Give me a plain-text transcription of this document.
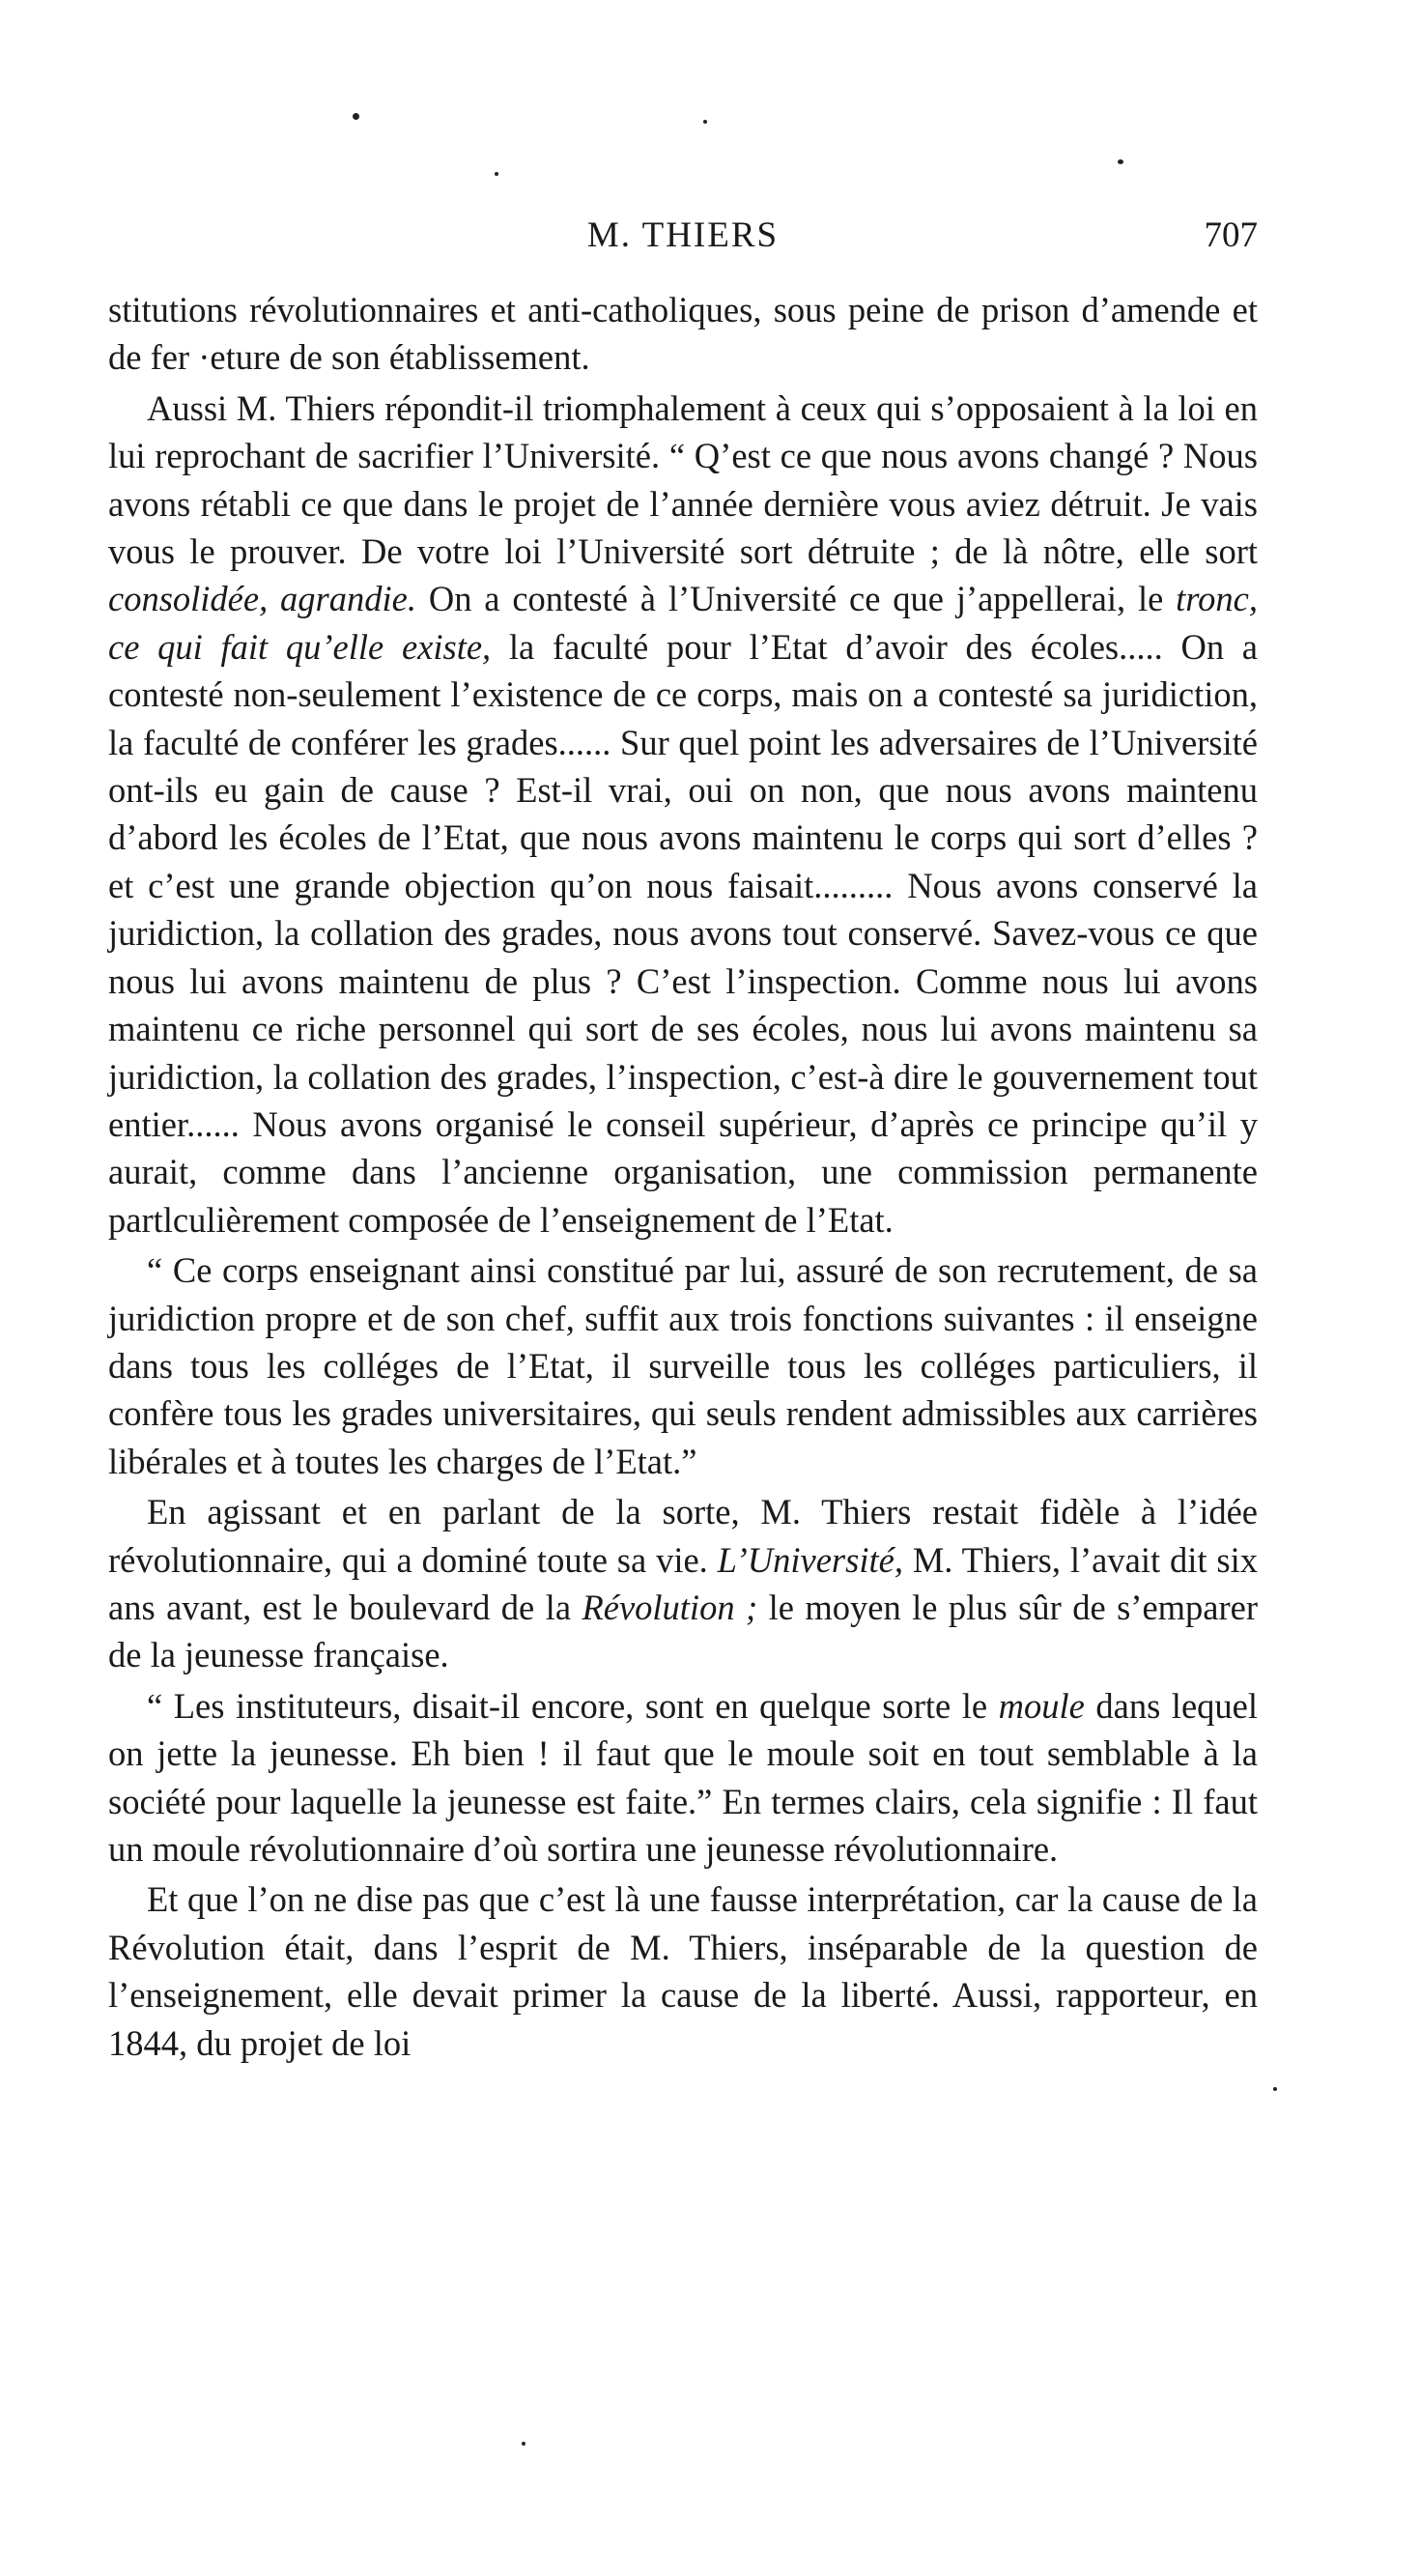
M. THIERS	707

stitutions révolutionnaires et anti-catholiques, sous peine de prison d’amende et de fer ·eture de son établissement.

Aussi M. Thiers répondit-il triomphalement à ceux qui s’opposaient à la loi en lui reprochant de sacrifier l’Université. “ Q’est ce que nous avons changé ? Nous avons rétabli ce que dans le projet de l’année dernière vous aviez détruit. Je vais vous le prouver. De votre loi l’Université sort détruite ; de là nôtre, elle sort consolidée, agrandie. On a contesté à l’Université ce que j’appellerai, le tronc, ce qui fait qu’elle existe, la faculté pour l’Etat d’avoir des écoles..... On a contesté non-seulement l’existence de ce corps, mais on a contesté sa juridiction, la faculté de conférer les grades...... Sur quel point les adversaires de l’Université ont-ils eu gain de cause ? Est-il vrai, oui on non, que nous avons maintenu d’abord les écoles de l’Etat, que nous avons maintenu le corps qui sort d’elles ? et c’est une grande objection qu’on nous faisait......... Nous avons conservé la juridiction, la collation des grades, nous avons tout conservé. Savez-vous ce que nous lui avons maintenu de plus ? C’est l’inspection. Comme nous lui avons maintenu ce riche personnel qui sort de ses écoles, nous lui avons maintenu sa juridiction, la collation des grades, l’inspection, c’est-à dire le gouvernement tout entier...... Nous avons organisé le conseil supérieur, d’après ce principe qu’il y aurait, comme dans l’ancienne organisation, une commission permanente partlculièrement composée de l’enseignement de l’Etat.

“ Ce corps enseignant ainsi constitué par lui, assuré de son recrutement, de sa juridiction propre et de son chef, suffit aux trois fonctions suivantes : il enseigne dans tous les colléges de l’Etat, il surveille tous les colléges particuliers, il confère tous les grades universitaires, qui seuls rendent admissibles aux carrières libérales et à toutes les charges de l’Etat.”

En agissant et en parlant de la sorte, M. Thiers restait fidèle à l’idée révolutionnaire, qui a dominé toute sa vie. L’Université, M. Thiers, l’avait dit six ans avant, est le boulevard de la Révolution ; le moyen le plus sûr de s’emparer de la jeunesse française.

“ Les instituteurs, disait-il encore, sont en quelque sorte le moule dans lequel on jette la jeunesse. Eh bien ! il faut que le moule soit en tout semblable à la société pour laquelle la jeunesse est faite.” En termes clairs, cela signifie : Il faut un moule révolutionnaire d’où sortira une jeunesse révolutionnaire.

Et que l’on ne dise pas que c’est là une fausse interprétation, car la cause de la Révolution était, dans l’esprit de M. Thiers, inséparable de la question de l’enseignement, elle devait primer la cause de la liberté. Aussi, rapporteur, en 1844, du projet de loi
